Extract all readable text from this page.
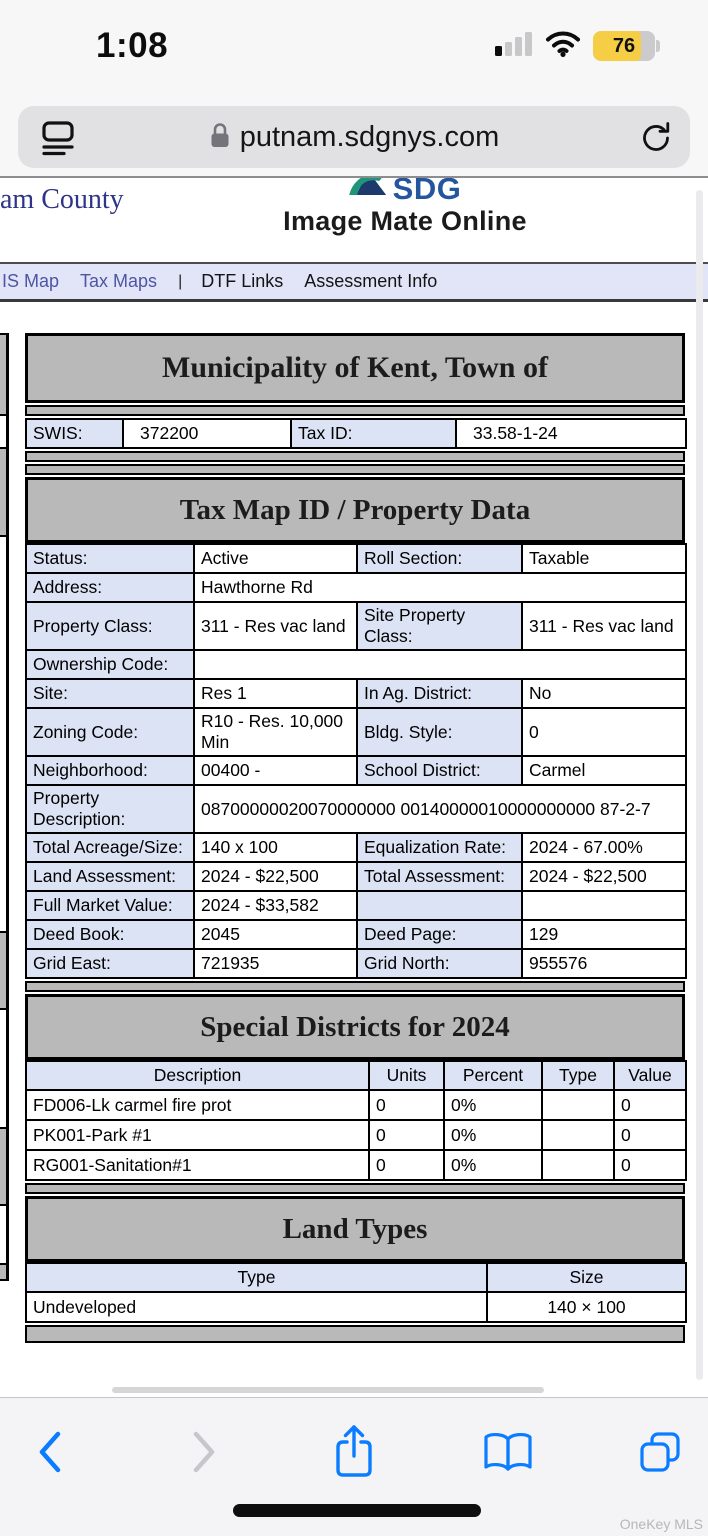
1:08	76
putnam.sdgnys.com
am County	SDG
Image Mate Online
IS Map Tax Maps | DTF Links Assessment Info
Municipality of Kent, Town of
SWIS:	372200	Tax ID:	33.58-1-24
Tax Map ID / Property Data
Status:	Active	Roll Section:	Taxable
Address:	Hawthorne Rd		
Property Class:	311 - Res vac land	Site Property Class:	311 - Res vac land
Ownership Code:			
Site:	Res 1	In Ag. District:	No
Zoning Code:	R10 - Res. 10,000 Min	Bldg. Style:	0
Neighborhood:	00400 -	School District:	Carmel
Property Description:	08700000020070000000 00140000010000000000 87-2-7		
Total Acreage/Size:	140 x 100	Equalization Rate:	2024 - 67.00%
Land Assessment:	2024 - $22,500	Total Assessment:	2024 - $22,500
Full Market Value:	2024 - $33,582		
Deed Book:	2045	Deed Page:	129
Grid East:	721935	Grid North:	955576
Special Districts for 2024
Description	Units	Percent	Type	Value
FD006-Lk carmel fire prot	0	0%		0
PK001-Park #1	0	0%		0
RG001-Sanitation#1	0	0%		0
Land Types
Type	Size
Undeveloped	140 × 100
OneKey MLS
